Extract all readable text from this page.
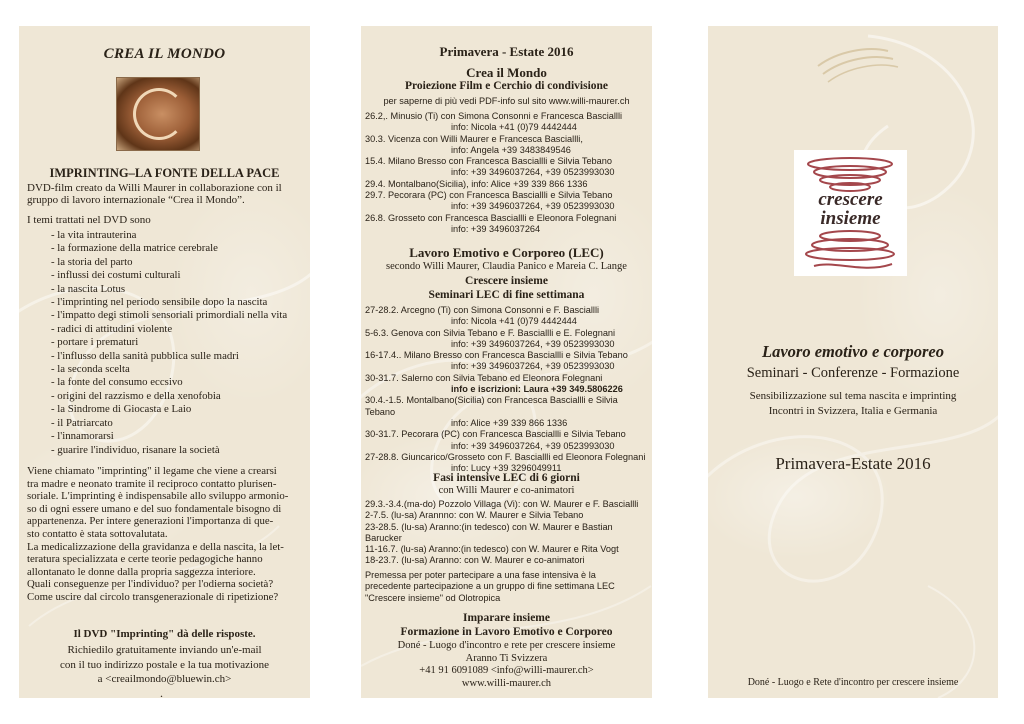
CREA IL MONDO
IMPRINTING–LA FONTE DELLA PACE
DVD-film creato da Willi Maurer in collaborazione con il gruppo di lavoro internazionale “Crea il Mondo”.
I temi trattati nel DVD sono
- la vita intrauterina
- la formazione della matrice cerebrale
- la storia del parto
- influssi dei costumi culturali
- la nascita Lotus
- l'imprinting nel periodo sensibile dopo la nascita
- l'impatto degi stimoli sensoriali primordiali nella vita
- radici di attitudini violente
- portare i prematuri
- l'influsso della sanità pubblica sulle madri
- la seconda scelta
- la fonte del consumo eccsivo
- origini del razzismo e della xenofobia
- la Sindrome di Giocasta e Laio
- il Patriarcato
- l'innamorarsi
- guarire l'individuo, risanare la società
Viene chiamato "imprinting" il legame che viene a crearsi
tra madre e neonato tramite il reciproco contatto plurisen-
soriale. L'imprinting è indispensabile allo sviluppo armonio-
so di ogni essere umano e del suo fondamentale bisogno di
appartenenza. Per intere generazioni l'importanza di que-
sto contatto è stata sottovalutata.
La medicalizzazione della gravidanza e della nascita, la let-
teratura specializzata e certe teorie pedagogiche hanno
allontanato le donne dalla propria saggezza interiore.
Quali conseguenze per l'individuo? per l'odierna società?
Come uscire dal circolo transgenerazionale di ripetizione?
Il DVD "Imprinting" dà delle risposte.
Richiedilo gratuitamente inviando un'e-mail
con il tuo indirizzo postale e la tua motivazione
a <creailmondo@bluewin.ch>
.
Primavera - Estate 2016
Crea il Mondo
Proiezione Film e Cerchio di condivisione
per saperne di più vedi PDF-info sul sito www.willi-maurer.ch
26.2,. Minusio (Ti) con Simona Consonni e Francesca Basciallli
info: Nicola +41 (0)79 4442444
30.3. Vicenza con Willi Maurer e Francesca Basciallli,
info: Angela +39 3483849546
15.4. Milano Bresso con Francesca Basciallli e Silvia Tebano
info: +39 3496037264, +39 0523993030
29.4. Montalbano(Sicilia), info: Alice +39 339 866 1336
29.7. Pecorara (PC) con Francesca Basciallli e Silvia Tebano
info: +39 3496037264, +39 0523993030
26.8. Grosseto con Francesca Basciallli e Eleonora Folegnani
info: +39 3496037264
Lavoro Emotivo e Corporeo (LEC)
secondo Willi Maurer, Claudia Panico e Mareia C. Lange
Crescere insieme
Seminari LEC di fine settimana
27-28.2. Arcegno (Ti) con Simona Consonni e F. Basciallli
info: Nicola +41 (0)79 4442444
5-6.3. Genova con Silvia Tebano e F. Basciallli e E. Folegnani
info: +39 3496037264, +39 0523993030
16-17.4.. Milano Bresso con Francesca Basciallli e Silvia Tebano
info: +39 3496037264, +39 0523993030
30-31.7. Salerno con Silvia Tebano ed Eleonora Folegnani
info e iscrizioni: Laura +39 349.5806226
30.4.-1.5. Montalbano(Sicilia) con Francesca Basciallli e Silvia Tebano
info: Alice +39 339 866 1336
30-31.7. Pecorara (PC) con Francesca Basciallli e Silvia Tebano
info: +39 3496037264, +39 0523993030
27-28.8. Giuncarico/Grosseto con F. Basciallli ed Eleonora Folegnani
info: Lucy +39 3296049911
Fasi intensive LEC di 6 giorni
con Willi Maurer e co-animatori
29.3.-3.4.(ma-do) Pozzolo Villaga (Vi): con W. Maurer e F. Basciallli
2-7.5. (lu-sa) Arannno: con W. Maurer e Silvia Tebano
23-28.5. (lu-sa) Aranno:(in tedesco) con W. Maurer e Bastian Barucker
11-16.7. (lu-sa) Aranno:(in tedesco) con W. Maurer e Rita Vogt
18-23.7. (lu-sa) Aranno: con W. Maurer e co-animatori
Premessa per poter partecipare a una fase intensiva è la
precedente partecipazione a un gruppo di fine settimana LEC
"Crescere insieme" od Olotropica
Imparare insieme
Formazione in Lavoro Emotivo e Corporeo
Doné - Luogo d'incontro e rete per crescere insieme
Aranno Ti Svizzera
+41 91 6091089 <info@willi-maurer.ch>
www.willi-maurer.ch
crescere
insieme
Lavoro emotivo e corporeo
Seminari - Conferenze - Formazione
Sensibilizzazione sul tema nascita e imprinting
Incontri in Svizzera, Italia e Germania
Primavera-Estate 2016
Doné - Luogo e Rete d'incontro per crescere insieme
